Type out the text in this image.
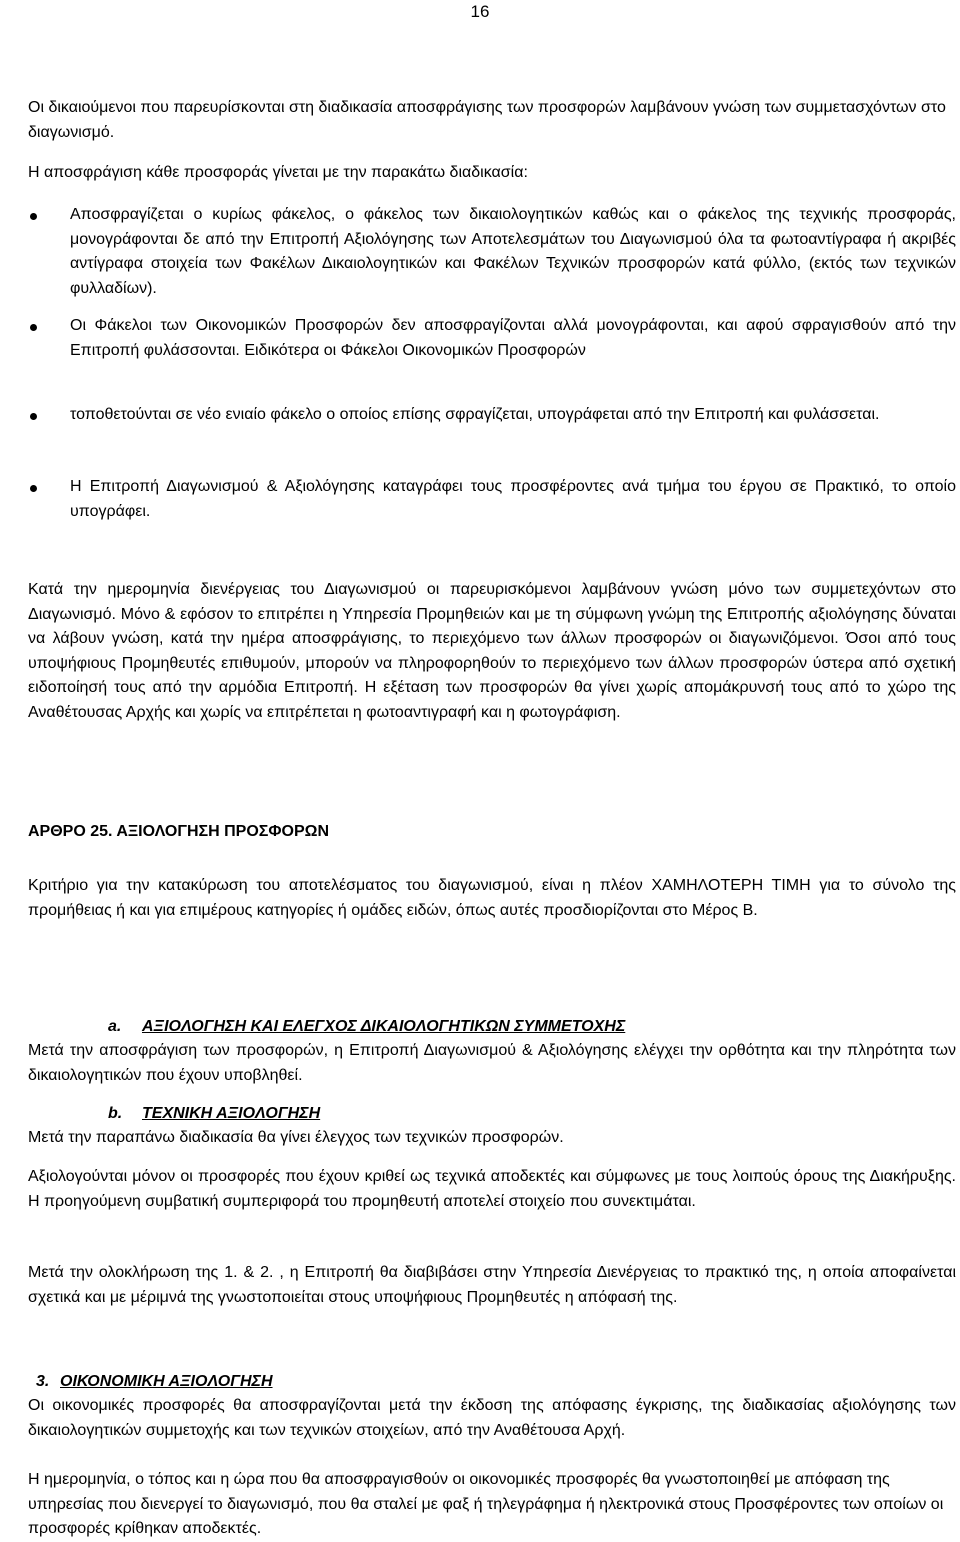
16

Οι δικαιούμενοι που παρευρίσκονται στη διαδικασία αποσφράγισης των προσφορών λαμβάνουν γνώση των συμμετασχόντων στο διαγωνισμό.

Η αποσφράγιση κάθε προσφοράς γίνεται με την παρακάτω διαδικασία:

Αποσφραγίζεται ο κυρίως φάκελος, ο φάκελος των δικαιολογητικών καθώς και ο φάκελος της τεχνικής προσφοράς, μονογράφονται δε από την Επιτροπή Αξιολόγησης των Αποτελεσμάτων του Διαγωνισμού όλα τα φωτοαντίγραφα ή ακριβές αντίγραφα στοιχεία των Φακέλων Δικαιολογητικών και Φακέλων Τεχνικών προσφορών κατά φύλλο, (εκτός των τεχνικών φυλλαδίων).

Οι Φάκελοι των Οικονομικών Προσφορών δεν αποσφραγίζονται αλλά μονογράφονται, και αφού σφραγισθούν από την Επιτροπή φυλάσσονται. Ειδικότερα οι Φάκελοι Οικονομικών Προσφορών

τοποθετούνται σε νέο ενιαίο φάκελο ο οποίος επίσης σφραγίζεται, υπογράφεται από την Επιτροπή και φυλάσσεται.

Η Επιτροπή Διαγωνισμού & Αξιολόγησης καταγράφει τους προσφέροντες ανά τμήμα του έργου σε Πρακτικό, το οποίο υπογράφει.

Κατά την ημερομηνία διενέργειας του Διαγωνισμού οι παρευρισκόμενοι λαμβάνουν γνώση μόνο των συμμετεχόντων στο Διαγωνισμό. Μόνο & εφόσον το επιτρέπει η Υπηρεσία Προμηθειών και με τη σύμφωνη γνώμη της Επιτροπής αξιολόγησης δύναται να λάβουν γνώση, κατά την ημέρα αποσφράγισης, το περιεχόμενο των άλλων προσφορών οι διαγωνιζόμενοι. Όσοι από τους υποψήφιους Προμηθευτές επιθυμούν, μπορούν να πληροφορηθούν το περιεχόμενο των άλλων προσφορών ύστερα από σχετική ειδοποίησή τους από την αρμόδια Επιτροπή. Η εξέταση των προσφορών θα γίνει χωρίς απομάκρυνσή τους από το χώρο της Αναθέτουσας Αρχής και χωρίς να επιτρέπεται η φωτοαντιγραφή και η φωτογράφιση.

ΑΡΘΡΟ 25. ΑΞΙΟΛΟΓΗΣΗ ΠΡΟΣΦΟΡΩΝ

Κριτήριο για την κατακύρωση του αποτελέσματος του διαγωνισμού, είναι η πλέον ΧΑΜΗΛΟΤΕΡΗ ΤΙΜΗ για το σύνολο της προμήθειας ή και για επιμέρους κατηγορίες ή ομάδες ειδών, όπως αυτές προσδιορίζονται στο Μέρος Β.

a. ΑΞΙΟΛΟΓΗΣΗ ΚΑΙ ΕΛΕΓΧΟΣ ΔΙΚΑΙΟΛΟΓΗΤΙΚΩΝ ΣΥΜΜΕΤΟΧΗΣ

Μετά την αποσφράγιση των προσφορών, η Επιτροπή Διαγωνισμού & Αξιολόγησης ελέγχει την ορθότητα και την πληρότητα των δικαιολογητικών που έχουν υποβληθεί.

b. ΤΕΧΝΙΚΗ ΑΞΙΟΛΟΓΗΣΗ

Μετά την παραπάνω διαδικασία θα γίνει έλεγχος των τεχνικών προσφορών.

Αξιολογούνται μόνον οι προσφορές που έχουν κριθεί ως τεχνικά αποδεκτές και σύμφωνες με τους λοιπούς όρους της Διακήρυξης. Η προηγούμενη συμβατική συμπεριφορά του προμηθευτή αποτελεί στοιχείο που συνεκτιμάται.

Μετά την ολοκλήρωση της 1. & 2. , η Επιτροπή θα διαβιβάσει στην Υπηρεσία Διενέργειας το πρακτικό της, η οποία αποφαίνεται σχετικά και με μέριμνά της γνωστοποιείται στους υποψήφιους Προμηθευτές η απόφασή της.

3. ΟΙΚΟΝΟΜΙΚΗ ΑΞΙΟΛΟΓΗΣΗ

Οι οικονομικές προσφορές θα αποσφραγίζονται μετά την έκδοση της απόφασης έγκρισης, της διαδικασίας αξιολόγησης των δικαιολογητικών συμμετοχής και των τεχνικών στοιχείων, από την Αναθέτουσα Αρχή.

Η ημερομηνία, ο τόπος και η ώρα που θα αποσφραγισθούν οι οικονομικές προσφορές θα γνωστοποιηθεί με απόφαση της υπηρεσίας που διενεργεί το διαγωνισμό, που θα σταλεί με φαξ ή τηλεγράφημα ή ηλεκτρονικά στους Προσφέροντες των οποίων οι προσφορές κρίθηκαν αποδεκτές.
